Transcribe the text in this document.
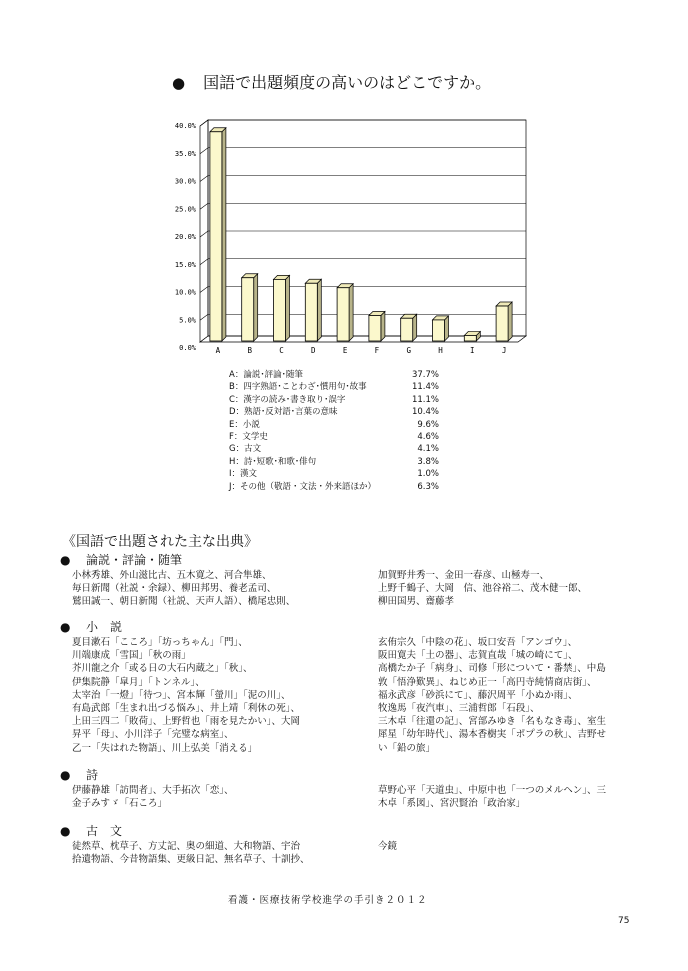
● 国語で出題頻度の高いのはどこですか。
0.0%
5.0%
10.0%
15.0%
20.0%
25.0%
30.0%
35.0%
40.0%
A	B	C	D	E	F	G	H	I	J
A：論説･評論･随筆	37.7%
B：四字熟語･ことわざ･慣用句･故事	11.4%
C：漢字の読み･書き取り･誤字	11.1%
D：熟語･反対語･言葉の意味	10.4%
E：小説	9.6%
F：文学史	4.6%
G：古文	4.1%
H：詩･短歌･和歌･俳句	3.8%
I：漢文	1.0%
J：その他（敬語・文法・外来語ほか）	6.3%
《国語で出題された主な出典》
● 論説・評論・随筆
小林秀雄、外山滋比古、五木寛之、河合隼雄、
毎日新聞（社説・余録）、柳田邦男、養老孟司、
鷲田誠一、朝日新聞（社説、天声人語）、橋尾忠則、
加賀野井秀一、金田一春彦、山極寿一、
上野千鶴子、大岡　信、池谷裕二、茂木健一郎、
柳田国男、齋藤孝
● 小　説
夏目漱石「こころ」「坊っちゃん」「門」、
川端康成「雪国」「秋の雨」
芥川龍之介「或る日の大石内蔵之」「秋」、
伊集院静「皐月」「トンネル」、
太宰治「一燈」「待つ」、宮本輝「螢川」「泥の川」、
有島武郎「生まれ出づる悩み」、井上靖「利休の死」、
上田三四二「敗荷」、上野哲也「雨を見たかい」、大岡
昇平「母」、小川洋子「完璧な病室」、
乙一「失はれた物語」、川上弘美「消える」
玄侑宗久「中陰の花」、坂口安吾「アンゴウ」、
阪田寛夫「土の器」、志賀直哉「城の崎にて」、
高橋たか子「病身」、司修「形について・番禁」、中島
敦「悟浄歎異」、ねじめ正一「高円寺純情商店街」、
福永武彦「砂浜にて」、藤沢周平「小ぬか雨」、
牧逸馬「夜汽車」、三浦哲郎「石段」、
三木卓「往還の記」、宮部みゆき「名もなき毒」、室生
犀星「幼年時代」、湯本香樹実「ポプラの秋」、吉野せ
い「鉛の旅」
● 詩
伊藤静雄「訪問者」、大手拓次「恋」、
金子みすゞ「石ころ」
草野心平「天道虫」、中原中也「一つのメルヘン」、三
木卓「系図」、宮沢賢治「政治家」
● 古　文
徒然草、枕草子、方丈記、奥の細道、大和物語、宇治
拾遺物語、今昔物語集、更級日記、無名草子、十訓抄、
今鏡
看護・医療技術学校進学の手引き２０１２
75
